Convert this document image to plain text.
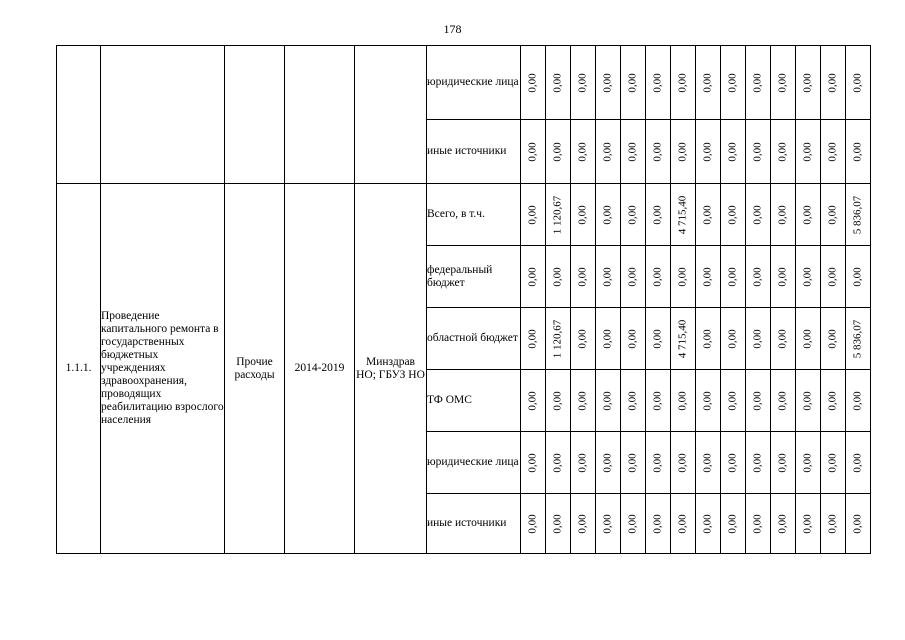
178
					юридические лица	0,00	0,00	0,00	0,00	0,00	0,00	0,00	0,00	0,00	0,00	0,00	0,00	0,00	0,00

					иные источники	0,00	0,00	0,00	0,00	0,00	0,00	0,00	0,00	0,00	0,00	0,00	0,00	0,00	0,00

1.1.1.	Проведение капитального ремонта в государственных бюджетных учреждениях здравоохранения, проводящих реабилитацию взрослого населения	Прочие расходы	2014-2019	Минздрав НО; ГБУЗ НО	Всего, в т.ч.	0,00	1 120,67	0,00	0,00	0,00	0,00	4 715,40	0,00	0,00	0,00	0,00	0,00	0,00	5 836,07

					федеральный бюджет	0,00	0,00	0,00	0,00	0,00	0,00	0,00	0,00	0,00	0,00	0,00	0,00	0,00	0,00

					областной бюджет	0,00	1 120,67	0,00	0,00	0,00	0,00	4 715,40	0,00	0,00	0,00	0,00	0,00	0,00	5 836,07

					ТФ ОМС	0,00	0,00	0,00	0,00	0,00	0,00	0,00	0,00	0,00	0,00	0,00	0,00	0,00	0,00

					юридические лица	0,00	0,00	0,00	0,00	0,00	0,00	0,00	0,00	0,00	0,00	0,00	0,00	0,00	0,00

					иные источники	0,00	0,00	0,00	0,00	0,00	0,00	0,00	0,00	0,00	0,00	0,00	0,00	0,00	0,00
